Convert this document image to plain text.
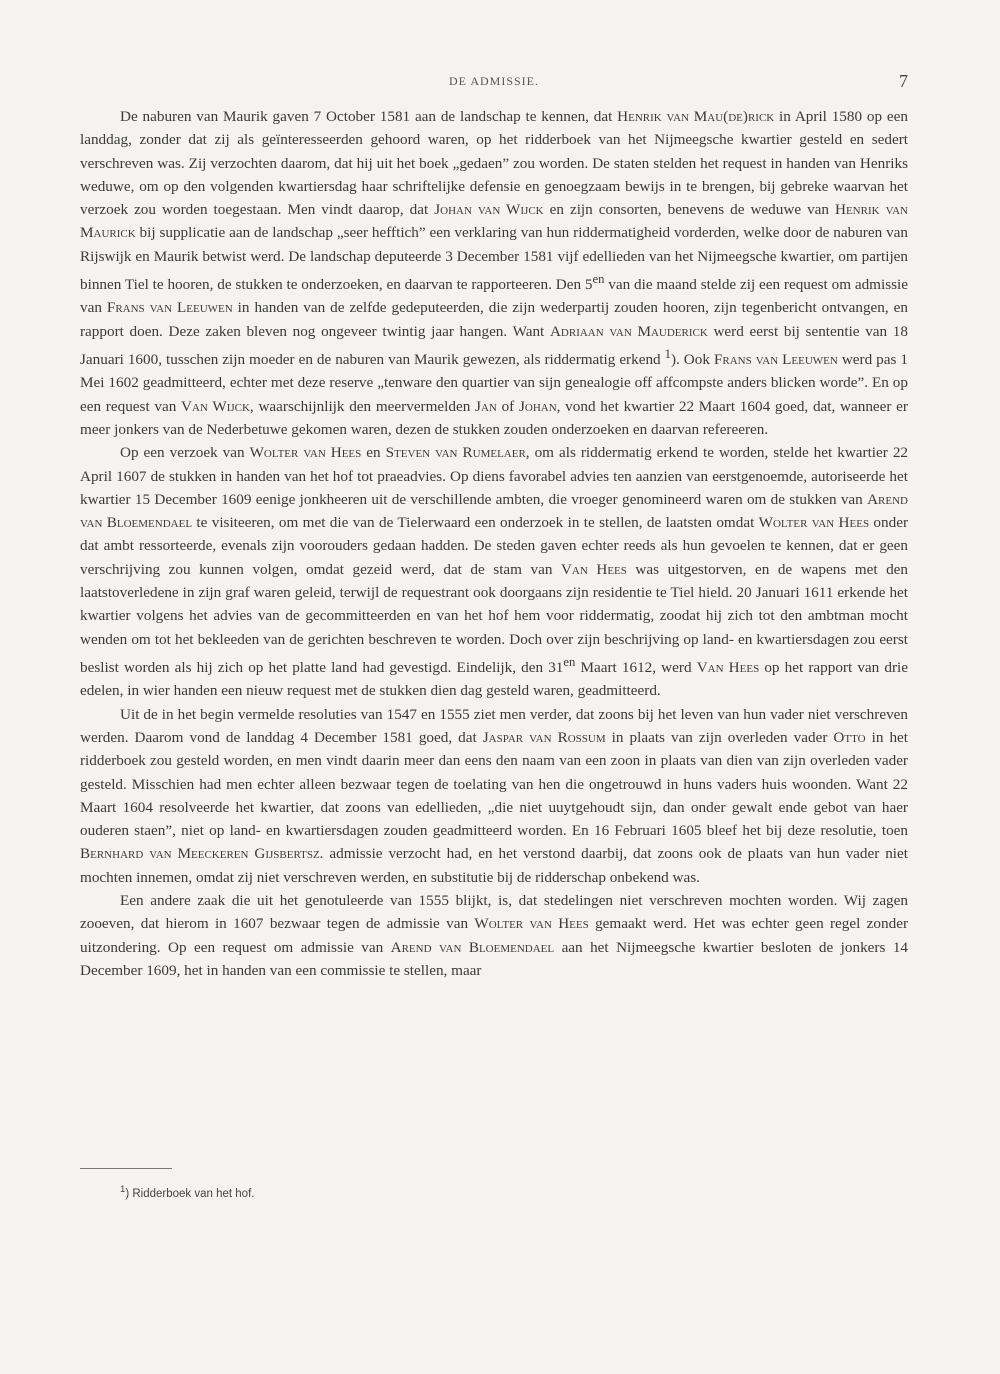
DE ADMISSIE.	7

De naburen van Maurik gaven 7 October 1581 aan de landschap te kennen, dat Henrik van Mau(de)rick in April 1580 op een landdag, zonder dat zij als geïnteresseerden gehoord waren, op het ridderboek van het Nijmeegsche kwartier gesteld en sedert verschreven was. Zij verzochten daarom, dat hij uit het boek „gedaen” zou worden. De staten stelden het request in handen van Henriks weduwe, om op den volgenden kwartiersdag haar schriftelijke defensie en genoegzaam bewijs in te brengen, bij gebreke waarvan het verzoek zou worden toegestaan. Men vindt daarop, dat Johan van Wijck en zijn consorten, benevens de weduwe van Henrik van Maurick bij supplicatie aan de landschap „seer hefftich” een verklaring van hun riddermatigheid vorderden, welke door de naburen van Rijswijk en Maurik betwist werd. De landschap deputeerde 3 December 1581 vijf edellieden van het Nijmeegsche kwartier, om partijen binnen Tiel te hooren, de stukken te onderzoeken, en daarvan te rapporteeren. Den $5^{en}$ van die maand stelde zij een request om admissie van Frans van Leeuwen in handen van de zelfde gedeputeerden, die zijn wederpartij zouden hooren, zijn tegenbericht ontvangen, en rapport doen. Deze zaken bleven nog ongeveer twintig jaar hangen. Want Adriaan van Mauderick werd eerst bij sententie van 18 Januari 1600, tusschen zijn moeder en de naburen van Maurik gewezen, als riddermatig erkend $^1$). Ook Frans van Leeuwen werd pas 1 Mei 1602 geadmitteerd, echter met deze reserve „tenware den quartier van sijn genealogie off affcompste anders blicken worde”. En op een request van Van Wijck, waarschijnlijk den meervermelden Jan of Johan, vond het kwartier 22 Maart 1604 goed, dat, wanneer er meer jonkers van de Nederbetuwe gekomen waren, dezen de stukken zouden onderzoeken en daarvan refereeren.

Op een verzoek van Wolter van Hees en Steven van Rumelaer, om als riddermatig erkend te worden, stelde het kwartier 22 April 1607 de stukken in handen van het hof tot praeadvies. Op diens favorabel advies ten aanzien van eerstgenoemde, autoriseerde het kwartier 15 December 1609 eenige jonkheeren uit de verschillende ambten, die vroeger genomineerd waren om de stukken van Arend van Bloemendael te visiteeren, om met die van de Tielerwaard een onderzoek in te stellen, de laatsten omdat Wolter van Hees onder dat ambt ressorteerde, evenals zijn voorouders gedaan hadden. De steden gaven echter reeds als hun gevoelen te kennen, dat er geen verschrijving zou kunnen volgen, omdat gezeid werd, dat de stam van Van Hees was uitgestorven, en de wapens met den laatstoverledene in zijn graf waren geleid, terwijl de requestrant ook doorgaans zijn residentie te Tiel hield. 20 Januari 1611 erkende het kwartier volgens het advies van de gecommitteerden en van het hof hem voor riddermatig, zoodat hij zich tot den ambtman mocht wenden om tot het bekleeden van de gerichten beschreven te worden. Doch over zijn beschrijving op land- en kwartiersdagen zou eerst beslist worden als hij zich op het platte land had gevestigd. Eindelijk, den $31^{en}$ Maart 1612, werd Van Hees op het rapport van drie edelen, in wier handen een nieuw request met de stukken dien dag gesteld waren, geadmitteerd.

Uit de in het begin vermelde resoluties van 1547 en 1555 ziet men verder, dat zoons bij het leven van hun vader niet verschreven werden. Daarom vond de landdag 4 December 1581 goed, dat Jaspar van Rossum in plaats van zijn overleden vader Otto in het ridderboek zou gesteld worden, en men vindt daarin meer dan eens den naam van een zoon in plaats van dien van zijn overleden vader gesteld. Misschien had men echter alleen bezwaar tegen de toelating van hen die ongetrouwd in huns vaders huis woonden. Want 22 Maart 1604 resolveerde het kwartier, dat zoons van edellieden, „die niet uuytgehoudt sijn, dan onder gewalt ende gebot van haer ouderen staen”, niet op land- en kwartiersdagen zouden geadmitteerd worden. En 16 Februari 1605 bleef het bij deze resolutie, toen Bernhard van Meeckeren Gijsbertsz. admissie verzocht had, en het verstond daarbij, dat zoons ook de plaats van hun vader niet mochten innemen, omdat zij niet verschreven werden, en substitutie bij de ridderschap onbekend was.

Een andere zaak die uit het genotuleerde van 1555 blijkt, is, dat stedelingen niet verschreven mochten worden. Wij zagen zooeven, dat hierom in 1607 bezwaar tegen de admissie van Wolter van Hees gemaakt werd. Het was echter geen regel zonder uitzondering. Op een request om admissie van Arend van Bloemendael aan het Nijmeegsche kwartier besloten de jonkers 14 December 1609, het in handen van een commissie te stellen, maar

$^1$) Ridderboek van het hof.
